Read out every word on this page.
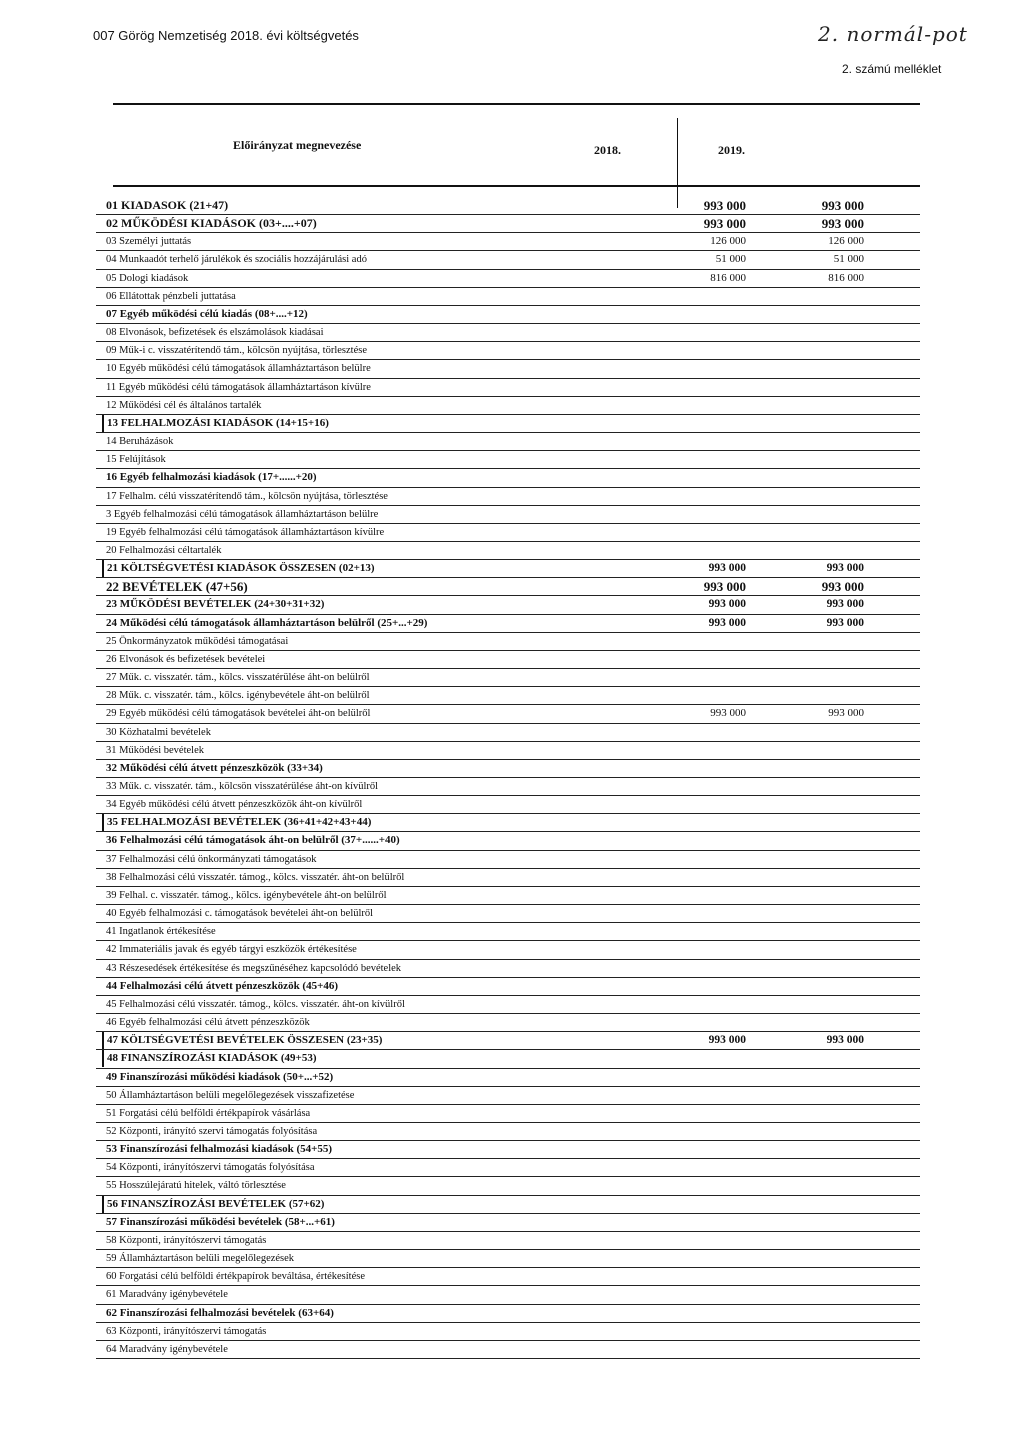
007 Görög Nemzetiség 2018. évi költségvetés	2. normál-pot
2. számú melléklet
Előirányzat megnevezése	2018.	2019.
01 KIADASOK (21+47)	993 000	993 000
02 MŰKÖDÉSI KIADÁSOK (03+....+07)	993 000	993 000
03 Személyi juttatás	126 000	126 000
04 Munkaadót terhelő járulékok és szociális hozzájárulási adó	51 000	51 000
05 Dologi kiadások	816 000	816 000
06 Ellátottak pénzbeli juttatása
07 Egyéb működési célú kiadás (08+....+12)
08 Elvonások, befizetések és elszámolások kiadásai
09 Műk-i c. visszatérítendő tám., kölcsön nyújtása, törlesztése
10 Egyéb működési célú támogatások államháztartáson belülre
11 Egyéb működési célú támogatások államháztartáson kívülre
12 Működési cél és általános tartalék
13 FELHALMOZÁSI KIADÁSOK (14+15+16)
14 Beruházások
15 Felújítások
16 Egyéb felhalmozási kiadások (17+......+20)
17 Felhalm. célú visszatérítendő tám., kölcsön nyújtása, törlesztése
3 Egyéb felhalmozási célú támogatások államháztartáson belülre
19 Egyéb felhalmozási célú támogatások államháztartáson kívülre
20 Felhalmozási céltartalék
21 KÖLTSÉGVETÉSI KIADÁSOK ÖSSZESEN (02+13)	993 000	993 000
22 BEVÉTELEK (47+56)	993 000	993 000
23 MŰKÖDÉSI BEVÉTELEK (24+30+31+32)	993 000	993 000
24 Működési célú támogatások államháztartáson belülről (25+...+29)	993 000	993 000
25 Önkormányzatok működési támogatásai
26 Elvonások és befizetések bevételei
27 Műk. c. visszatér. tám., kölcs. visszatérülése áht-on belülről
28 Műk. c. visszatér. tám., kölcs. igénybevétele áht-on belülről
29 Egyéb működési célú támogatások bevételei áht-on belülről	993 000	993 000
30 Közhatalmi bevételek
31 Működési bevételek
32 Működési célú átvett pénzeszközök (33+34)
33 Műk. c. visszatér. tám., kölcsön visszatérülése áht-on kívülről
34 Egyéb működési célú átvett pénzeszközök áht-on kívülről
35 FELHALMOZÁSI BEVÉTELEK (36+41+42+43+44)
36 Felhalmozási célú támogatások áht-on belülről (37+......+40)
37 Felhalmozási célú önkormányzati támogatások
38 Felhalmozási célú visszatér. támog., kölcs. visszatér. áht-on belülről
39 Felhal. c. visszatér. támog., kölcs. igénybevétele áht-on belülről
40 Egyéb felhalmozási c. támogatások bevételei áht-on belülről
41 Ingatlanok értékesítése
42 Immateriális javak és egyéb tárgyi eszközök értékesítése
43 Részesedések értékesítése és megszűnéséhez kapcsolódó bevételek
44 Felhalmozási célú átvett pénzeszközök (45+46)
45 Felhalmozási célú visszatér. támog., kölcs. visszatér. áht-on kívülről
46 Egyéb felhalmozási célú átvett pénzeszközök
47 KÖLTSÉGVETÉSI BEVÉTELEK ÖSSZESEN (23+35)	993 000	993 000
48 FINANSZÍROZÁSI KIADÁSOK (49+53)
49 Finanszírozási működési kiadások (50+...+52)
50 Államháztartáson belüli megelőlegezések visszafizetése
51 Forgatási célú belföldi értékpapírok vásárlása
52 Központi, irányító szervi támogatás folyósítása
53 Finanszírozási felhalmozási kiadások (54+55)
54 Központi, irányítószervi támogatás folyósítása
55 Hosszúlejáratú hitelek, váltó törlesztése
56 FINANSZÍROZÁSI BEVÉTELEK (57+62)
57 Finanszírozási működési bevételek (58+...+61)
58 Központi, irányítószervi támogatás
59 Államháztartáson belüli megelőlegezések
60 Forgatási célú belföldi értékpapírok beváltása, értékesítése
61 Maradvány igénybevétele
62 Finanszírozási felhalmozási bevételek (63+64)
63 Központi, irányítószervi támogatás
64 Maradvány igénybevétele
